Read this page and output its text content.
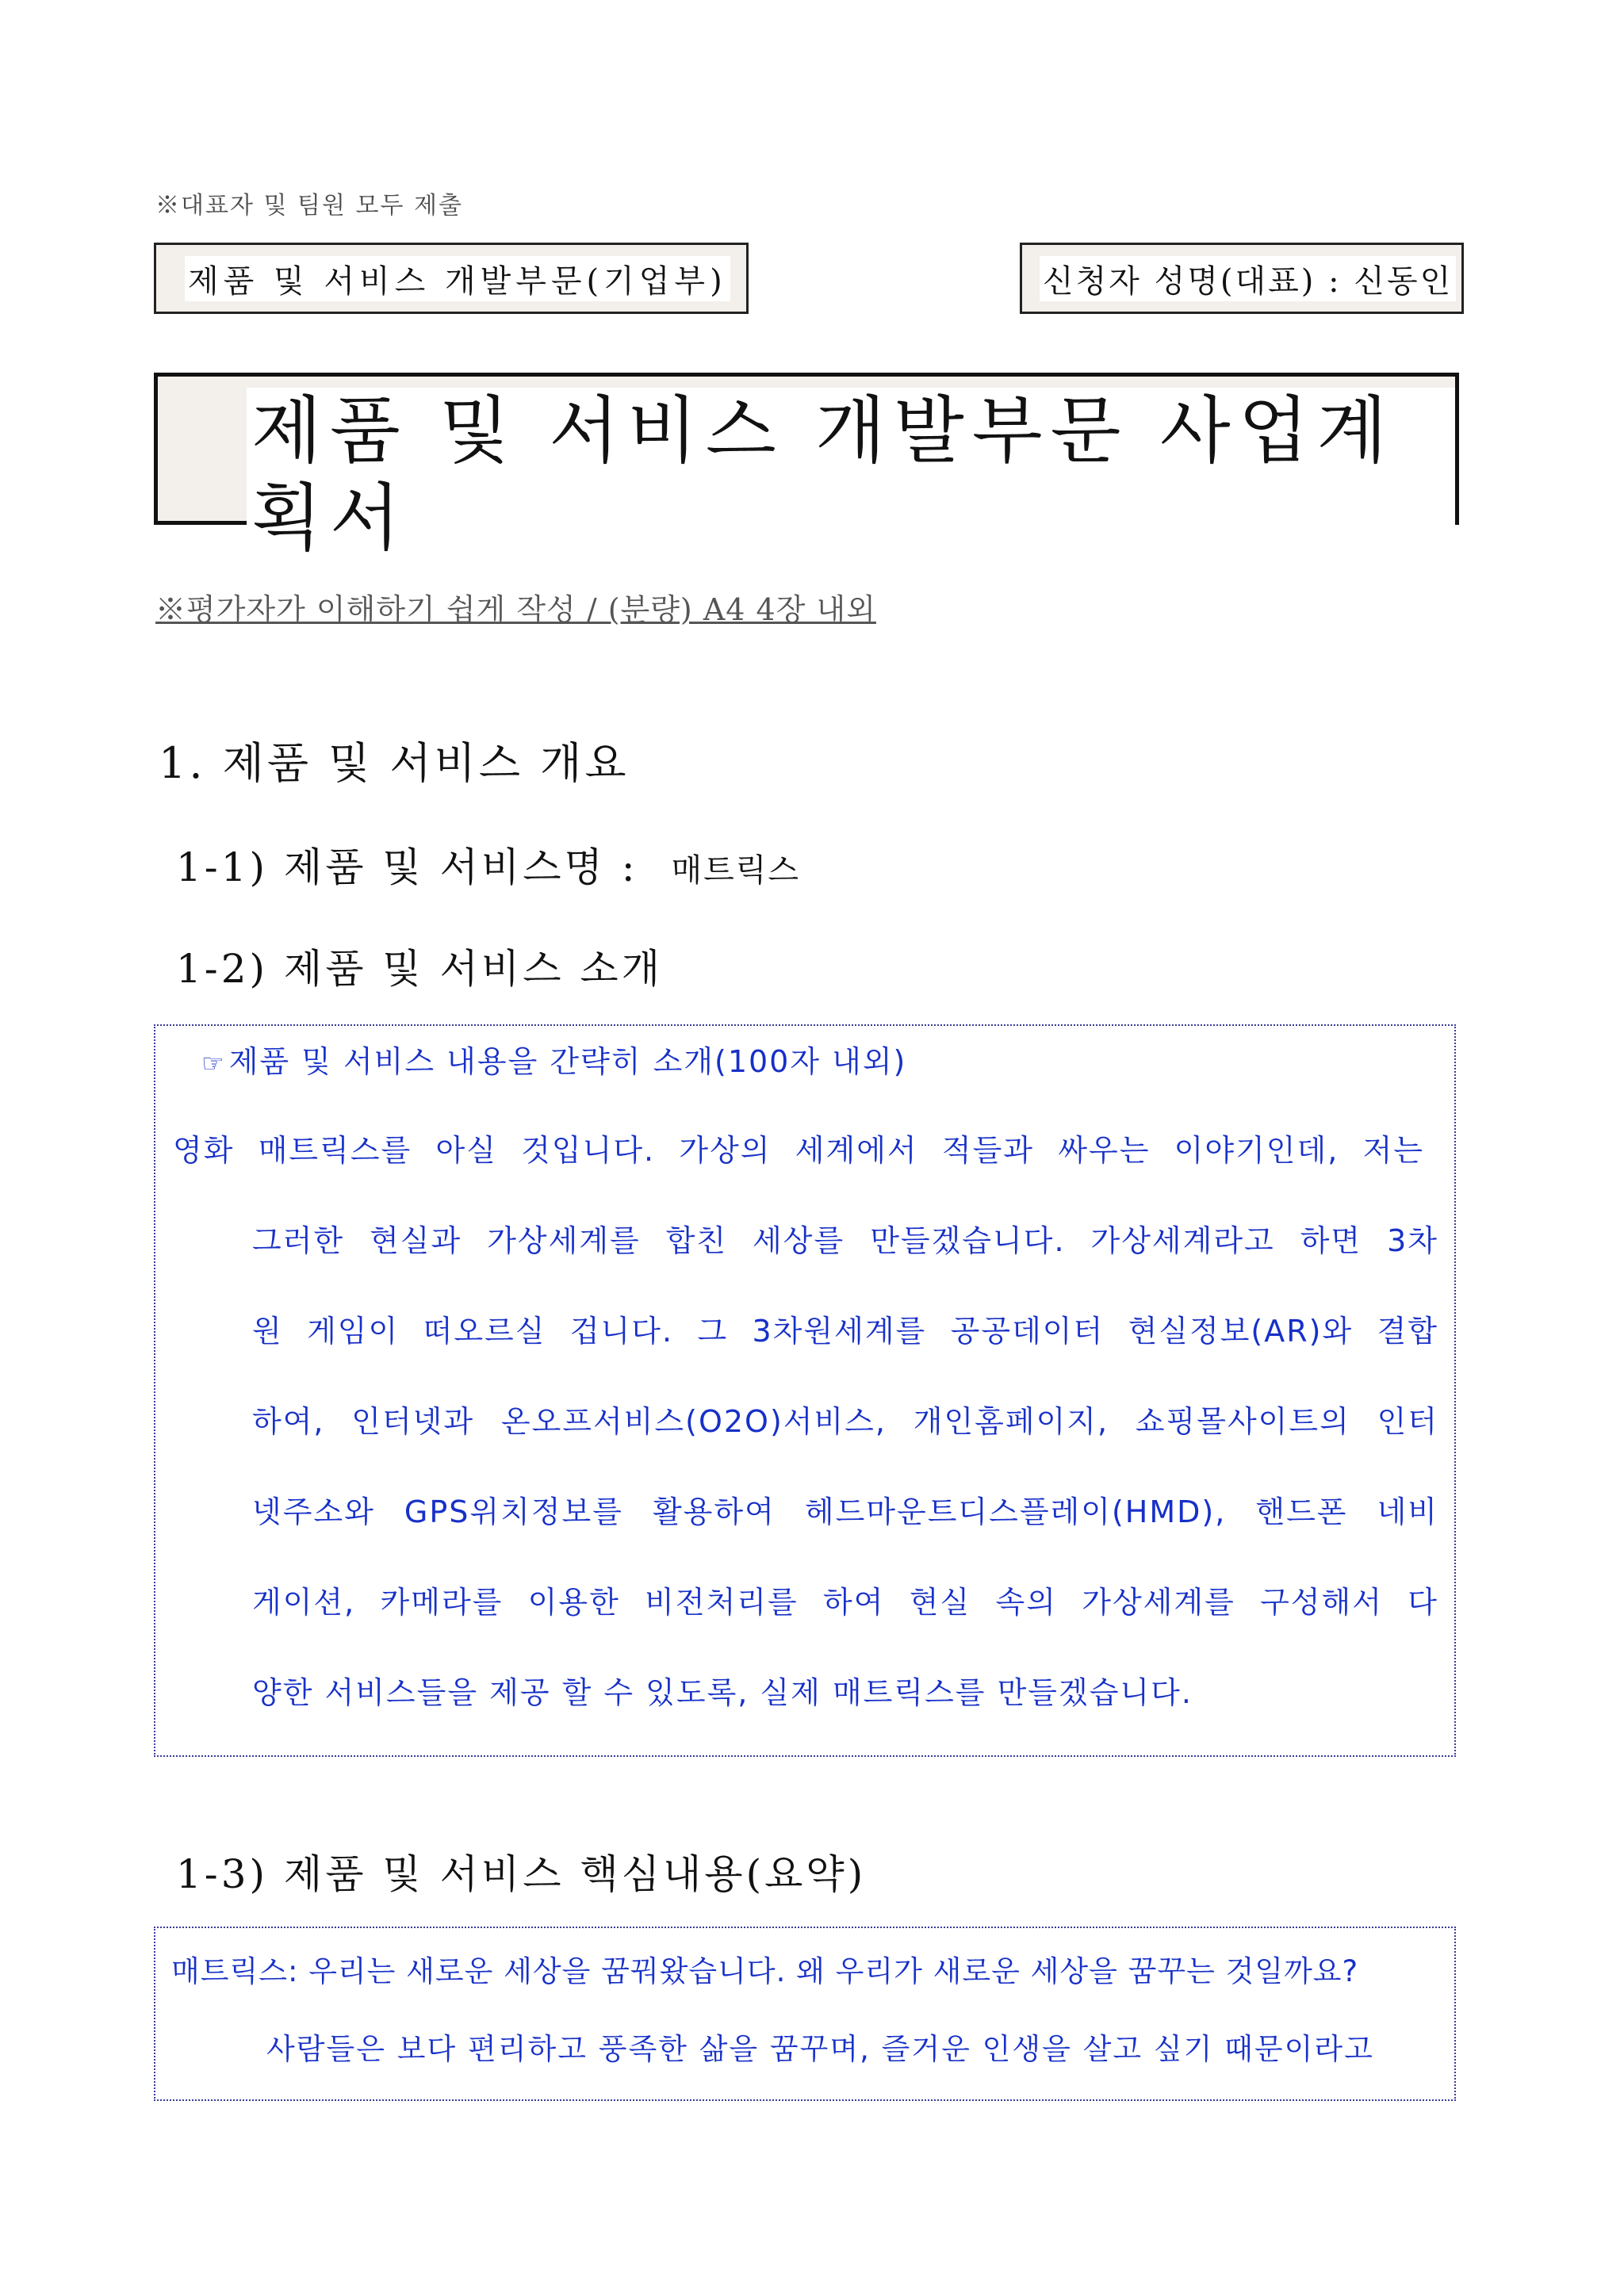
※대표자 및 팀원 모두 제출
제품 및 서비스 개발부문(기업부)	신청자 성명(대표) : 신동인
제품 및 서비스 개발부문 사업계획서
※평가자가 이해하기 쉽게 작성 / (분량) A4 4장 내외
1. 제품 및 서비스 개요
1-1) 제품 및 서비스명 : 매트릭스
1-2) 제품 및 서비스 소개
☞ 제품 및 서비스 내용을 간략히 소개(100자 내외)
영화 매트릭스를 아실 것입니다. 가상의 세계에서 적들과 싸우는 이야기인데, 저는
그러한 현실과 가상세계를 합친 세상를 만들겠습니다. 가상세계라고 하면 3차
원 게임이 떠오르실 겁니다. 그 3차원세계를 공공데이터 현실정보(AR)와 결합
하여, 인터넷과 온오프서비스(O2O)서비스, 개인홈페이지, 쇼핑몰사이트의 인터
넷주소와 GPS위치정보를 활용하여 헤드마운트디스플레이(HMD), 핸드폰 네비
게이션, 카메라를 이용한 비전처리를 하여 현실 속의 가상세계를 구성해서 다
양한 서비스들을 제공 할 수 있도록, 실제 매트릭스를 만들겠습니다.
1-3) 제품 및 서비스 핵심내용(요약)
매트릭스: 우리는 새로운 세상을 꿈꿔왔습니다. 왜 우리가 새로운 세상을 꿈꾸는 것일까요?
사람들은 보다 편리하고 풍족한 삶을 꿈꾸며, 즐거운 인생을 살고 싶기 때문이라고
